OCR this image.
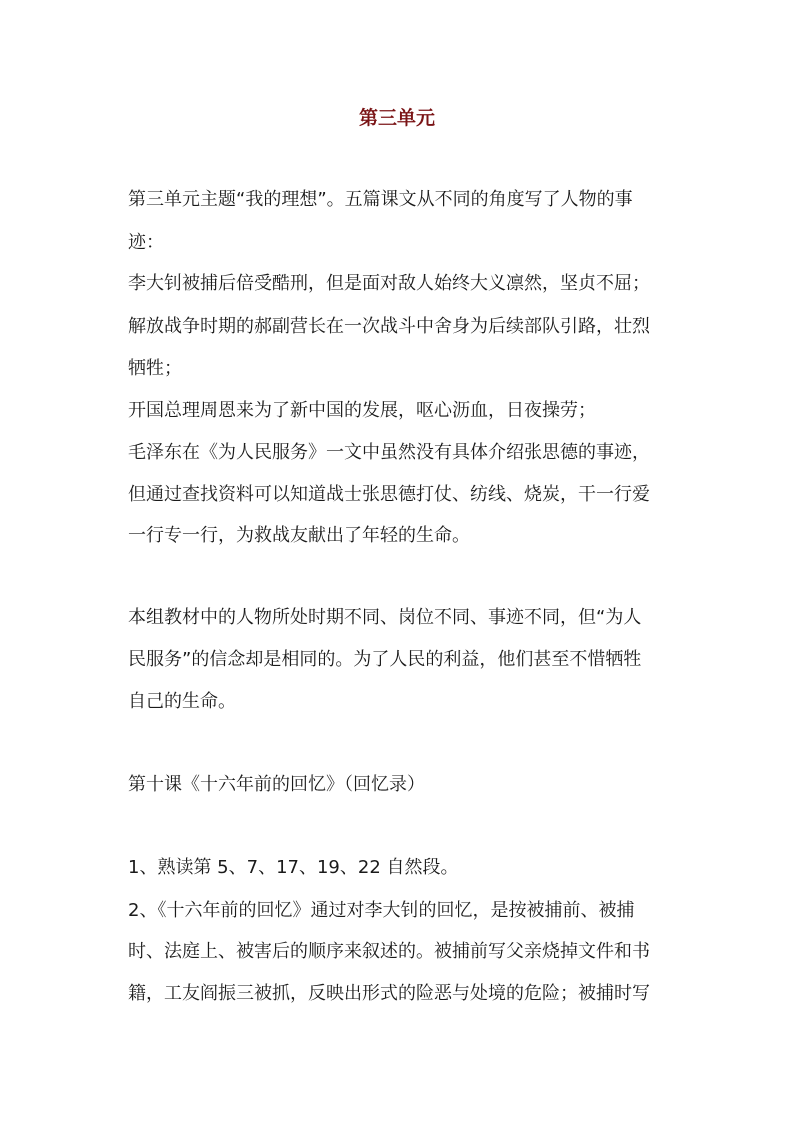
第三单元

第三单元主题“我的理想”。五篇课文从不同的角度写了人物的事

迹：

李大钊被捕后倍受酷刑，但是面对敌人始终大义凛然，坚贞不屈；

解放战争时期的郝副营长在一次战斗中舍身为后续部队引路，壮烈

牺牲；

开国总理周恩来为了新中国的发展，呕心沥血，日夜操劳；

毛泽东在《为人民服务》一文中虽然没有具体介绍张思德的事迹，

但通过查找资料可以知道战士张思德打仗、纺线、烧炭，干一行爱

一行专一行，为救战友献出了年轻的生命。

本组教材中的人物所处时期不同、岗位不同、事迹不同，但“为人

民服务”的信念却是相同的。为了人民的利益，他们甚至不惜牺牲

自己的生命。

第十课《十六年前的回忆》（回忆录）

1、熟读第 5、7、17、19、22 自然段。

2、《十六年前的回忆》通过对李大钊的回忆，是按被捕前、被捕

时、法庭上、被害后的顺序来叙述的。被捕前写父亲烧掉文件和书

籍，工友阎振三被抓，反映出形式的险恶与处境的危险；被捕时写
